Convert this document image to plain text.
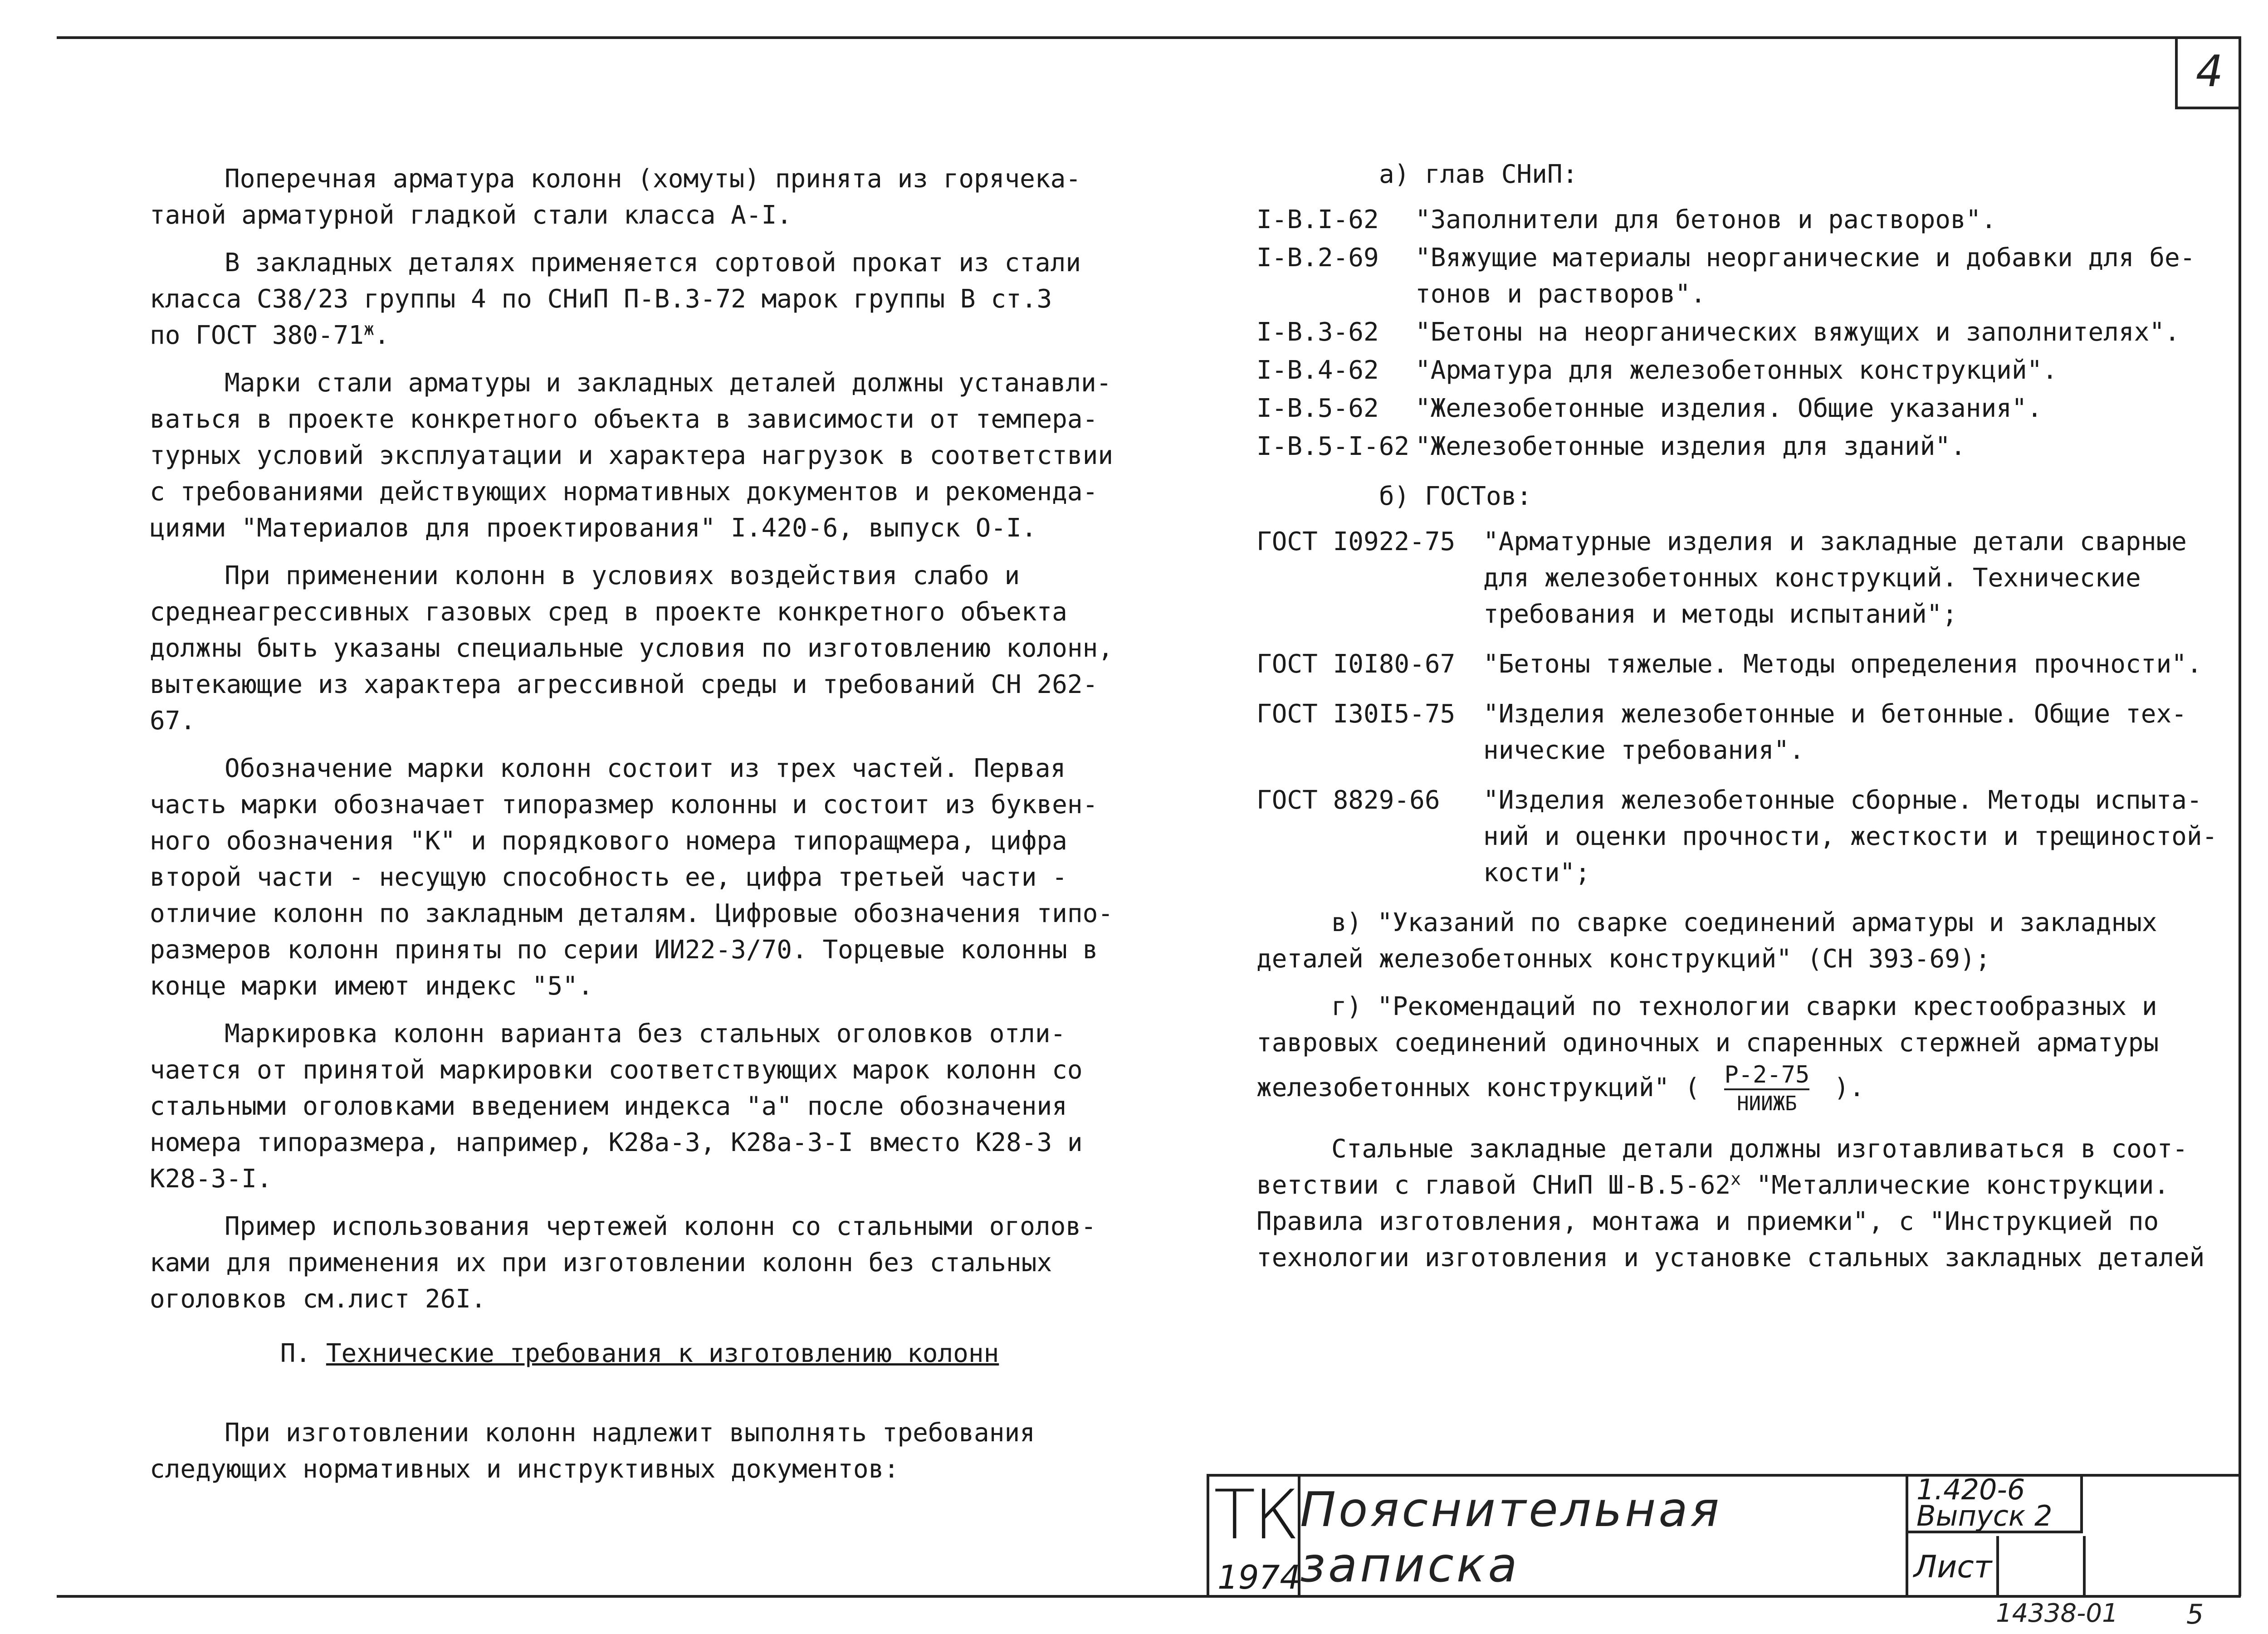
4

Поперечная арматура колонн (хомуты) принята из горячека-
таной арматурной гладкой стали класса А-I.

В закладных деталях применяется сортовой прокат из стали
класса С38/23 группы 4 по СНиП П-В.3-72 марок группы В ст.3
по ГОСТ $380-71^ж$.

Марки стали арматуры и закладных деталей должны устанавли-
ваться в проекте конкретного объекта в зависимости от темпера-
турных условий эксплуатации и характера нагрузок в соответствии
с требованиями действующих нормативных документов и рекоменда-
циями "Материалов для проектирования" I.420-6, выпуск О-I.

При применении колонн в условиях воздействия слабо и
среднеагрессивных газовых сред в проекте конкретного объекта
должны быть указаны специальные условия по изготовлению колонн,
вытекающие из характера агрессивной среды и требований СН 262-67.

Обозначение марки колонн состоит из трех частей. Первая
часть марки обозначает типоразмер колонны и состоит из буквен-
ного обозначения "К" и порядкового номера типоращмера, цифра
второй части - несущую способность ее, цифра третьей части -
отличие колонн по закладным деталям. Цифровые обозначения типо-
размеров колонн приняты по серии ИИ22-3/70. Торцевые колонны в
конце марки имеют индекс "5".

Маркировка колонн варианта без стальных оголовков отли-
чается от принятой маркировки соответствующих марок колонн со
стальными оголовками введением индекса "а" после обозначения
номера типоразмера, например, К28а-3, К28а-3-I вместо К28-3 и
К28-3-I.

Пример использования чертежей колонн со стальными оголов-
ками для применения их при изготовлении колонн без стальных
оголовков см.лист 26I.

П. Технические требования к изготовлению колонн

При изготовлении колонн надлежит выполнять требования
следующих нормативных и инструктивных документов:

а) глав СНиП:
I-В.I-62	"Заполнители для бетонов и растворов".
I-В.2-69	"Вяжущие материалы неорганические и добавки для бе-тонов и растворов".
I-В.3-62	"Бетоны на неорганических вяжущих и заполнителях".
I-В.4-62	"Арматура для железобетонных конструкций".
I-В.5-62	"Железобетонные изделия. Общие указания".
I-В.5-I-62 "Железобетонные изделия для зданий".
б) ГОСТов:
ГОСТ I0922-75	"Арматурные изделия и закладные детали сварные для железобетонных конструкций. Технические требования и методы испытаний";
ГОСТ I0I80-67	"Бетоны тяжелые. Методы определения прочности".
ГОСТ I30I5-75	"Изделия железобетонные и бетонные. Общие тех-нические требования".
ГОСТ 8829-66	"Изделия железобетонные сборные. Методы испыта-ний и оценки прочности, жесткости и трещиностой-кости";

в) "Указаний по сварке соединений арматуры и закладных
деталей железобетонных конструкций" (СН 393-69);

г) "Рекомендаций по технологии сварки крестообразных и
тавровых соединений одиночных и спаренных стержней арматуры
железобетонных конструкций" ( $\frac{Р-2-75}{\text{НИИЖБ}}$ ).

Стальные закладные детали должны изготавливаться в соот-
ветствии с главой СНиП $Ш-В.5-62^х$ "Металлические конструкции.
Правила изготовления, монтажа и приемки", с "Инструкцией по
технологии изготовления и установке стальных закладных деталей

ТК
1974
Пояснительная записка
1.420-6
Выпуск 2
Лист
14338-01	5
